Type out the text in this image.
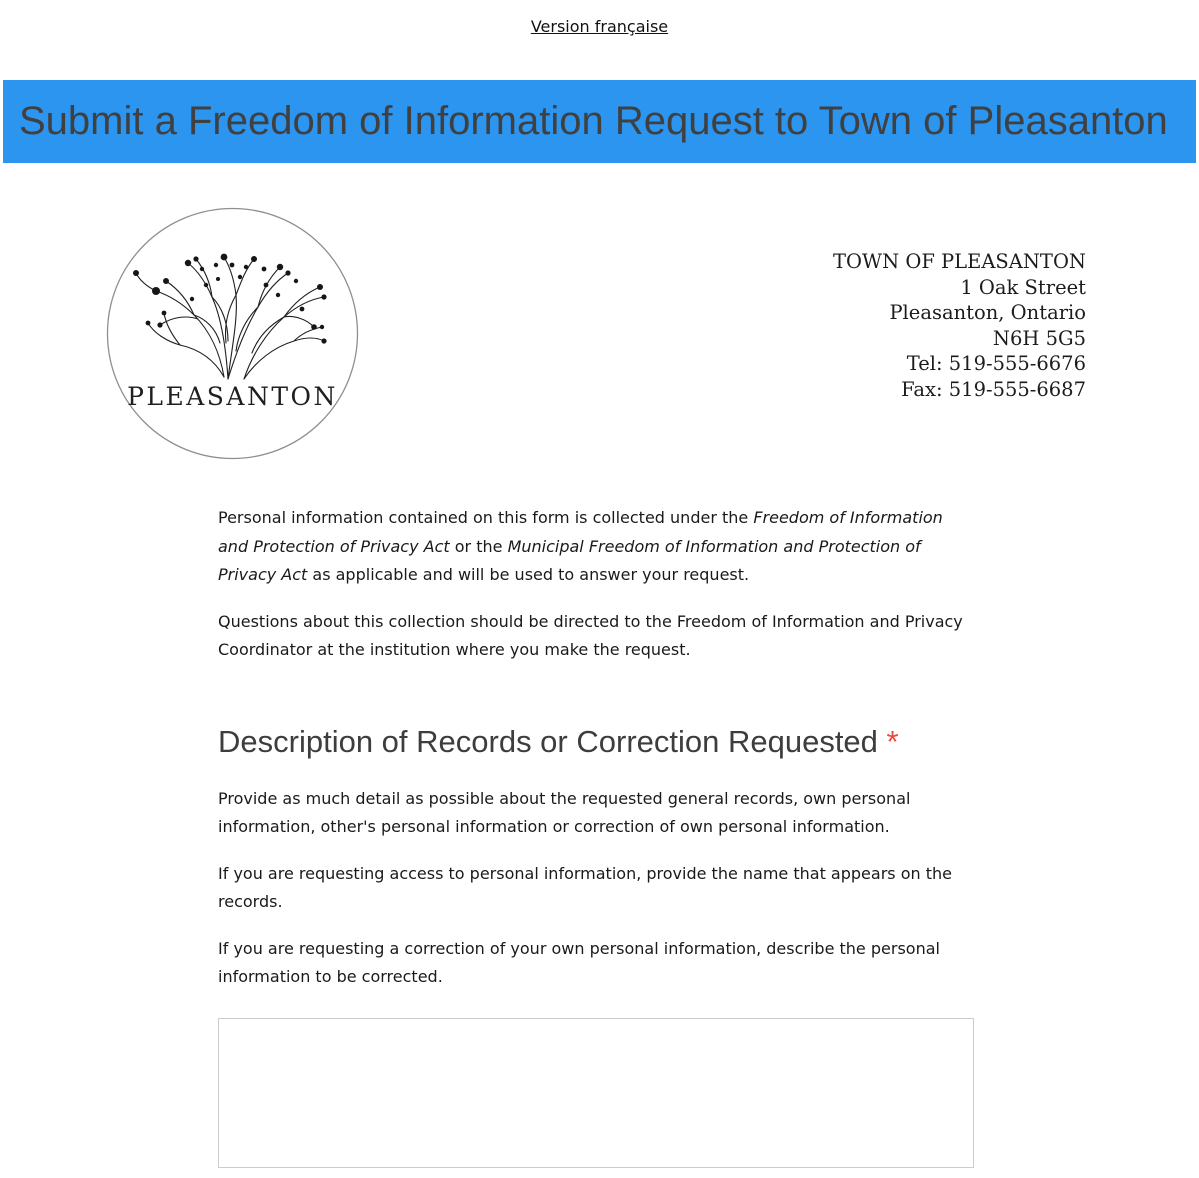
Version française
Submit a Freedom of Information Request to Town of Pleasanton
PLEASANTON
TOWN OF PLEASANTON
1 Oak Street
Pleasanton, Ontario
N6H 5G5
Tel: 519-555-6676
Fax: 519-555-6687

Personal information contained on this form is collected under the Freedom of Information and Protection of Privacy Act or the Municipal Freedom of Information and Protection of Privacy Act as applicable and will be used to answer your request.

Questions about this collection should be directed to the Freedom of Information and Privacy Coordinator at the institution where you make the request.

Description of Records or Correction Requested *

Provide as much detail as possible about the requested general records, own personal information, other's personal information or correction of own personal information.

If you are requesting access to personal information, provide the name that appears on the records.

If you are requesting a correction of your own personal information, describe the personal information to be corrected.
